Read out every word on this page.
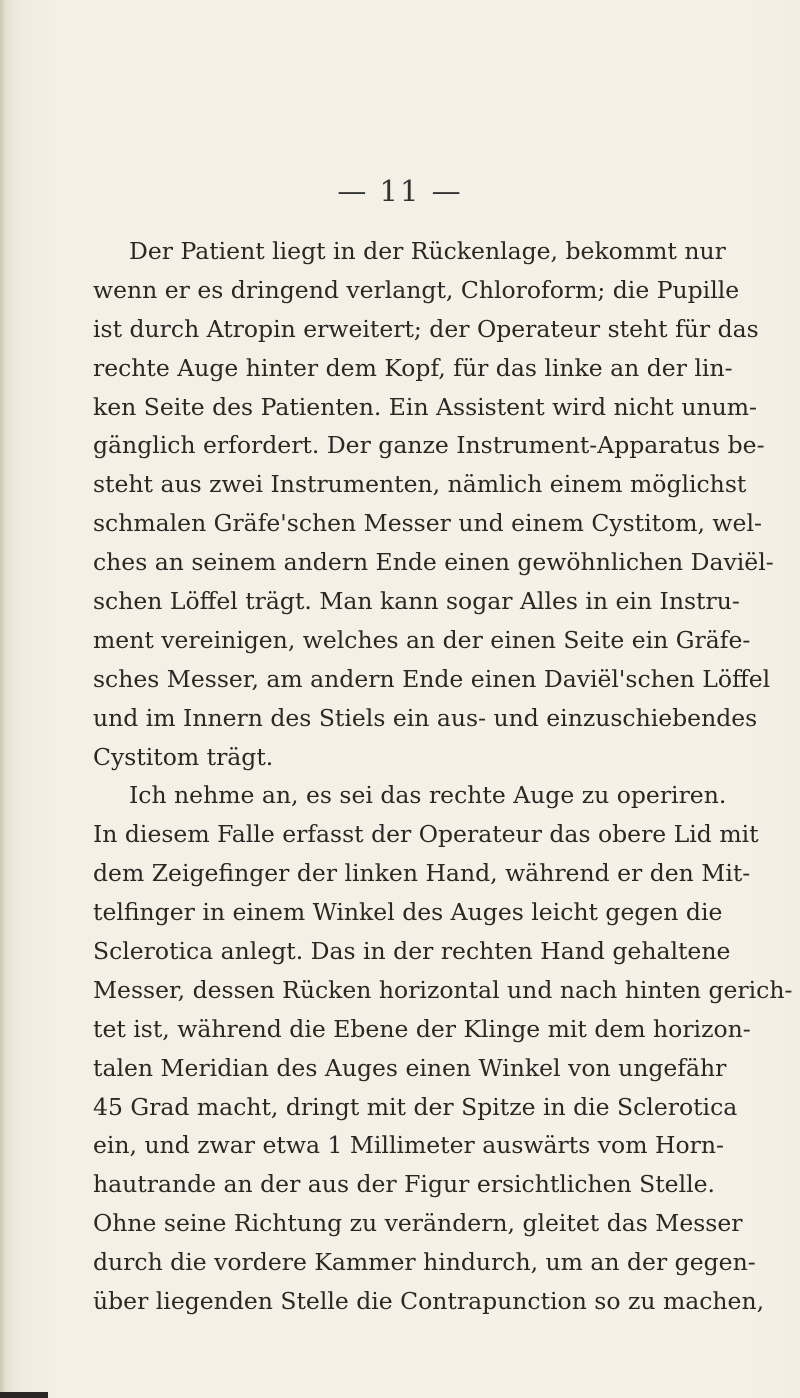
— 11 —
Der Patient liegt in der Rückenlage, bekommt nur
wenn er es dringend verlangt, Chloroform; die Pupille
ist durch Atropin erweitert; der Operateur steht für das
rechte Auge hinter dem Kopf, für das linke an der lin-
ken Seite des Patienten. Ein Assistent wird nicht unum-
gänglich erfordert. Der ganze Instrument-Apparatus be-
steht aus zwei Instrumenten, nämlich einem möglichst
schmalen Gräfe'schen Messer und einem Cystitom, wel-
ches an seinem andern Ende einen gewöhnlichen Daviël-
schen Löffel trägt. Man kann sogar Alles in ein Instru-
ment vereinigen, welches an der einen Seite ein Gräfe-
sches Messer, am andern Ende einen Daviël'schen Löffel
und im Innern des Stiels ein aus- und einzuschiebendes
Cystitom trägt.
Ich nehme an, es sei das rechte Auge zu operiren.
In diesem Falle erfasst der Operateur das obere Lid mit
dem Zeigefinger der linken Hand, während er den Mit-
telfinger in einem Winkel des Auges leicht gegen die
Sclerotica anlegt. Das in der rechten Hand gehaltene
Messer, dessen Rücken horizontal und nach hinten gerich-
tet ist, während die Ebene der Klinge mit dem horizon-
talen Meridian des Auges einen Winkel von ungefähr
45 Grad macht, dringt mit der Spitze in die Sclerotica
ein, und zwar etwa 1 Millimeter auswärts vom Horn-
hautrande an der aus der Figur ersichtlichen Stelle.
Ohne seine Richtung zu verändern, gleitet das Messer
durch die vordere Kammer hindurch, um an der gegen-
über liegenden Stelle die Contrapunction so zu machen,
